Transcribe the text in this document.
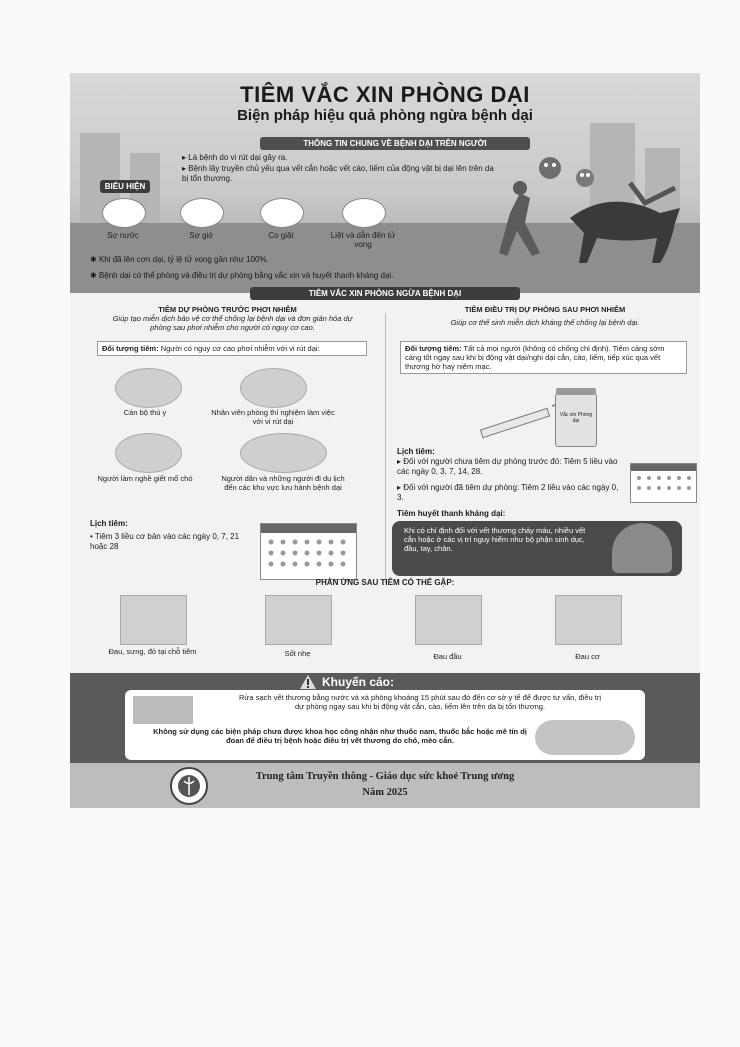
TIÊM VẮC XIN PHÒNG DẠI
Biện pháp hiệu quả phòng ngừa bệnh dại
THÔNG TIN CHUNG VỀ BỆNH DẠI TRÊN NGƯỜI
▸ Là bệnh do vi rút dại gây ra.
▸ Bệnh lây truyền chủ yếu qua vết cắn hoặc vết cào, liếm của động vật bị dại lên trên da bị tổn thương.
BIỂU HIỆN
Sợ nước	Sợ gió	Co giật	Liệt và dẫn đến tử vong
✱ Khi đã lên cơn dại, tỷ lệ tử vong gần như 100%.
✱ Bệnh dại có thể phòng và điều trị dự phòng bằng vắc xin và huyết thanh kháng dại.
TIÊM VẮC XIN PHÒNG NGỪA BỆNH DẠI
TIÊM DỰ PHÒNG TRƯỚC PHƠI NHIỄM
Giúp tạo miễn dịch bảo vệ cơ thể chống lại bệnh dại và đơn giản hóa dự phòng sau phơi nhiễm cho người có nguy cơ cao.
Đối tượng tiêm: Người có nguy cơ cao phơi nhiễm với vi rút dại:
Cán bộ thú y	Nhân viên phòng thí nghiệm làm việc với vi rút dại
Người làm nghề giết mổ chó	Người dân và những người đi du lịch đến các khu vực lưu hành bệnh dại
Lịch tiêm:
• Tiêm 3 liều cơ bản vào các ngày 0, 7, 21 hoặc 28
TIÊM ĐIỀU TRỊ DỰ PHÒNG SAU PHƠI NHIỄM
Giúp cơ thể sinh miễn dịch kháng thể chống lại bệnh dại.
Đối tượng tiêm: Tất cả mọi người (không có chống chỉ định). Tiêm càng sớm càng tốt ngay sau khi bị động vật dại/nghi dại cắn, cào, liếm, tiếp xúc qua vết thương hở hay niêm mạc.
Vắc xin Phòng dại
Lịch tiêm:
▸ Đối với người chưa tiêm dự phòng trước đó: Tiêm 5 liều vào các ngày 0, 3, 7, 14, 28.
▸ Đối với người đã tiêm dự phòng: Tiêm 2 liều vào các ngày 0, 3.
Tiêm huyết thanh kháng dại:
Khi có chỉ định đối với vết thương chảy máu, nhiều vết cắn hoặc ở các vị trí nguy hiểm như bộ phận sinh dục, đầu, tay, chân.
PHẢN ỨNG SAU TIÊM CÓ THỂ GẶP:
Đau, sưng, đỏ tại chỗ tiêm	Sốt nhẹ	Đau đầu	Đau cơ
Khuyến cáo:
Rửa sạch vết thương bằng nước và xà phòng khoảng 15 phút sau đó đến cơ sở y tế để được tư vấn, điều trị dự phòng ngay sau khi bị động vật cắn, cào, liếm lên trên da bị tổn thương.
Không sử dụng các biện pháp chưa được khoa học công nhận như thuốc nam, thuốc bắc hoặc mê tín dị đoan để điều trị bệnh hoặc điều trị vết thương do chó, mèo cắn.
Trung tâm Truyền thông - Giáo dục sức khoẻ Trung ương
Năm 2025
